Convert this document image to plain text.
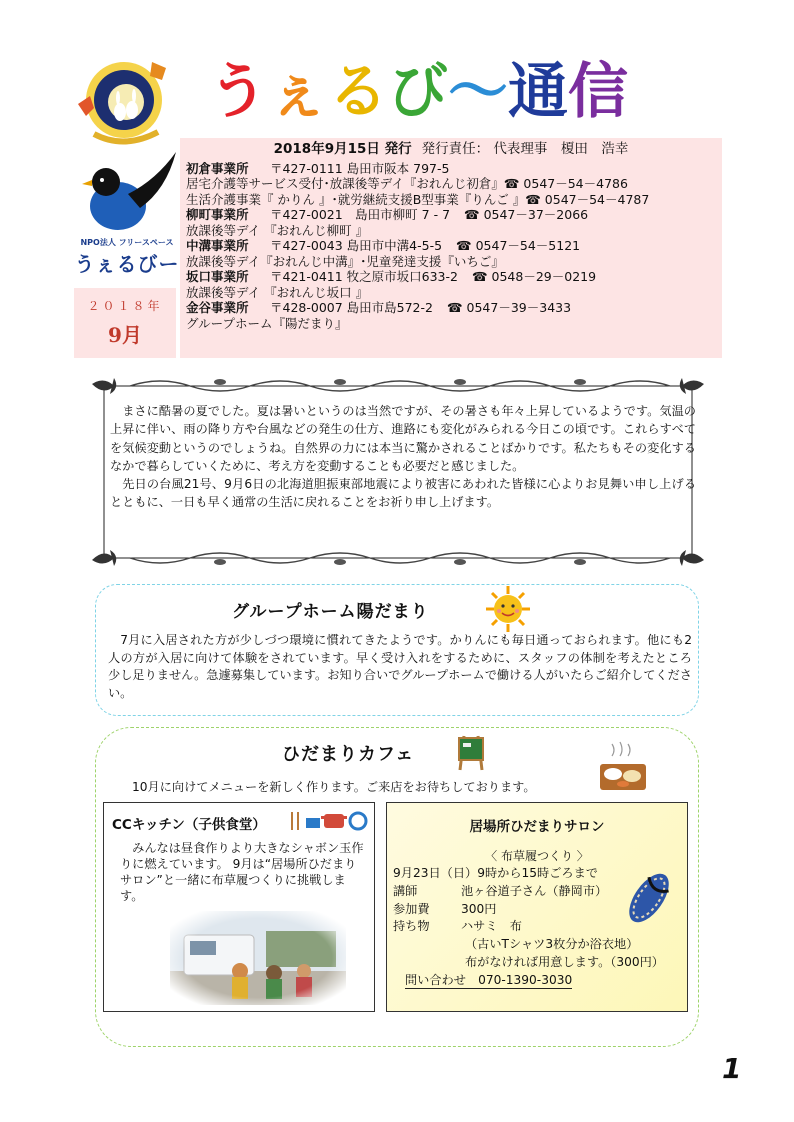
NPO法人 フリースペース
うぇるびー
うぇるび～通信
２０１８年
9月
2018年9月15日 発行 発行責任： 代表理事　榎田　浩幸
初倉事業所 〒427-0111 島田市阪本 797-5
居宅介護等サービス受付･放課後等デイ『おれんじ初倉』☎ 0547－54－4786
生活介護事業『 かりん 』･就労継続支援B型事業『りんご 』☎ 0547－54－4787
柳町事業所 〒427-0021　島田市柳町 7 - 7 ☎ 0547－37－2066
放課後等デイ 『おれんじ柳町 』
中溝事業所 〒427-0043 島田市中溝4-5-5 ☎ 0547－54－5121
放課後等デイ『おれんじ中溝』･児童発達支援『いちご』
坂口事業所 〒421-0411 牧之原市坂口633-2 ☎ 0548－29－0219
放課後等デイ 『おれんじ坂口 』
金谷事業所 〒428-0007 島田市島572-2 ☎ 0547－39－3433
グループホーム『陽だまり』

まさに酷暑の夏でした。夏は暑いというのは当然ですが、その暑さも年々上昇しているようです。気温の上昇に伴い、雨の降り方や台風などの発生の仕方、進路にも変化がみられる今日この頃です。これらすべてを気候変動というのでしょうね。自然界の力には本当に驚かされることばかりです。私たちもその変化するなかで暮らしていくために、考え方を変動することも必要だと感じました。

先日の台風21号、9月6日の北海道胆振東部地震により被害にあわれた皆様に心よりお見舞い申し上げるとともに、一日も早く通常の生活に戻れることをお祈り申し上げます。

グループホーム陽だまり

7月に入居された方が少しづつ環境に慣れてきたようです。かりんにも毎日通っておられます。他にも2人の方が入居に向けて体験をされています。早く受け入れをするために、スタッフの体制を考えたところ少し足りません。急遽募集しています。お知り合いでグループホームで働ける人がいたらご紹介してください。

ひだまりカフェ
10月に向けてメニューを新しく作ります。ご来店をお待ちしております。
CCキッチン（子供食堂）
　みんなは昼食作りより大きなシャボン玉作りに燃えています。 9月は“居場所ひだまりサロン”と一緒に布草履つくりに挑戦します。
居場所ひだまりサロン
〈 布草履つくり 〉
9月23日（日）9時から15時ごろまで
講師	池ヶ谷道子さん（静岡市）
参加費	300円
持ち物	ハサミ　布
（古いTシャツ3枚分か浴衣地）
布がなければ用意します。（300円）
問い合わせ　070-1390-3030
1
